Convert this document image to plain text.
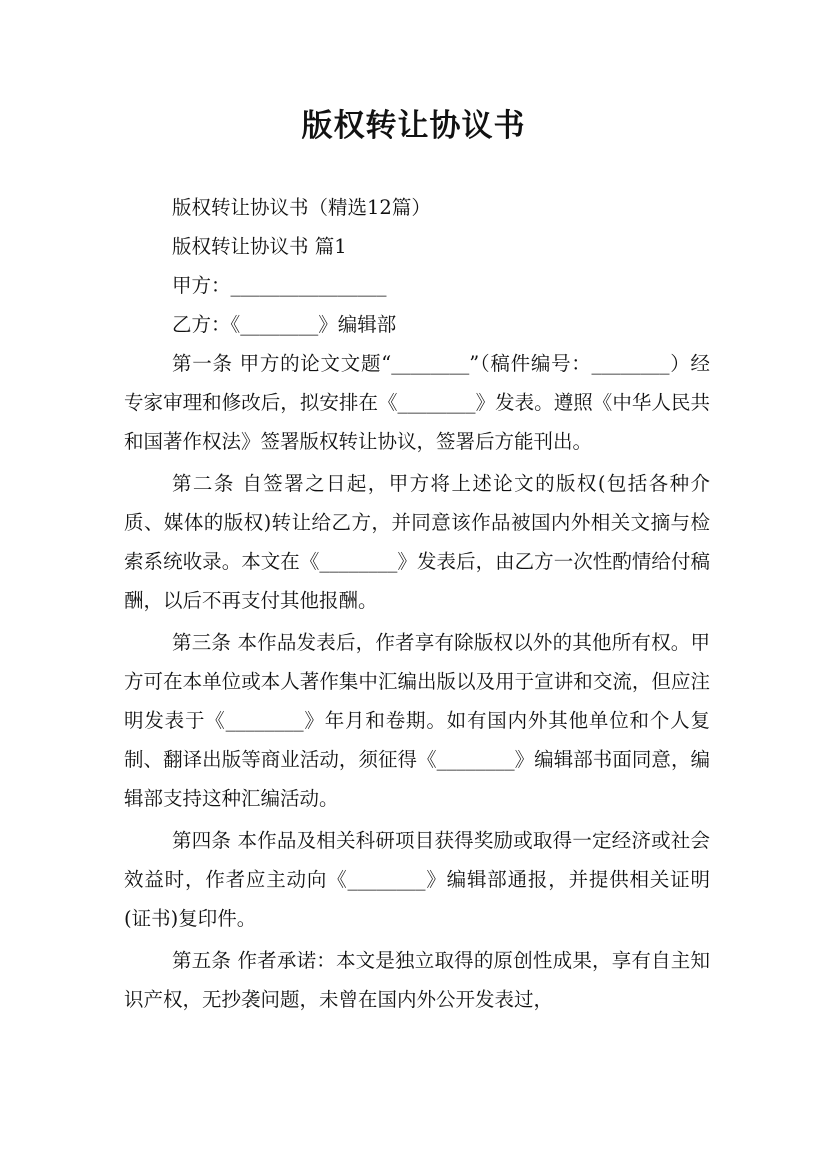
版权转让协议书
版权转让协议书（精选12篇）
版权转让协议书 篇1
甲方：________________
乙方：《________》编辑部

第一条 甲方的论文文题“________”（稿件编号：________）经专家审理和修改后，拟安排在《________》发表。遵照《中华人民共和国著作权法》签署版权转让协议，签署后方能刊出。

第二条 自签署之日起，甲方将上述论文的版权(包括各种介质、媒体的版权)转让给乙方，并同意该作品被国内外相关文摘与检索系统收录。本文在《________》发表后，由乙方一次性酌情给付稿酬，以后不再支付其他报酬。

第三条 本作品发表后，作者享有除版权以外的其他所有权。甲方可在本单位或本人著作集中汇编出版以及用于宣讲和交流，但应注明发表于《________》年月和卷期。如有国内外其他单位和个人复制、翻译出版等商业活动，须征得《________》编辑部书面同意，编辑部支持这种汇编活动。

第四条 本作品及相关科研项目获得奖励或取得一定经济或社会效益时，作者应主动向《________》编辑部通报，并提供相关证明(证书)复印件。

第五条 作者承诺：本文是独立取得的原创性成果，享有自主知识产权，无抄袭问题，未曾在国内外公开发表过，
